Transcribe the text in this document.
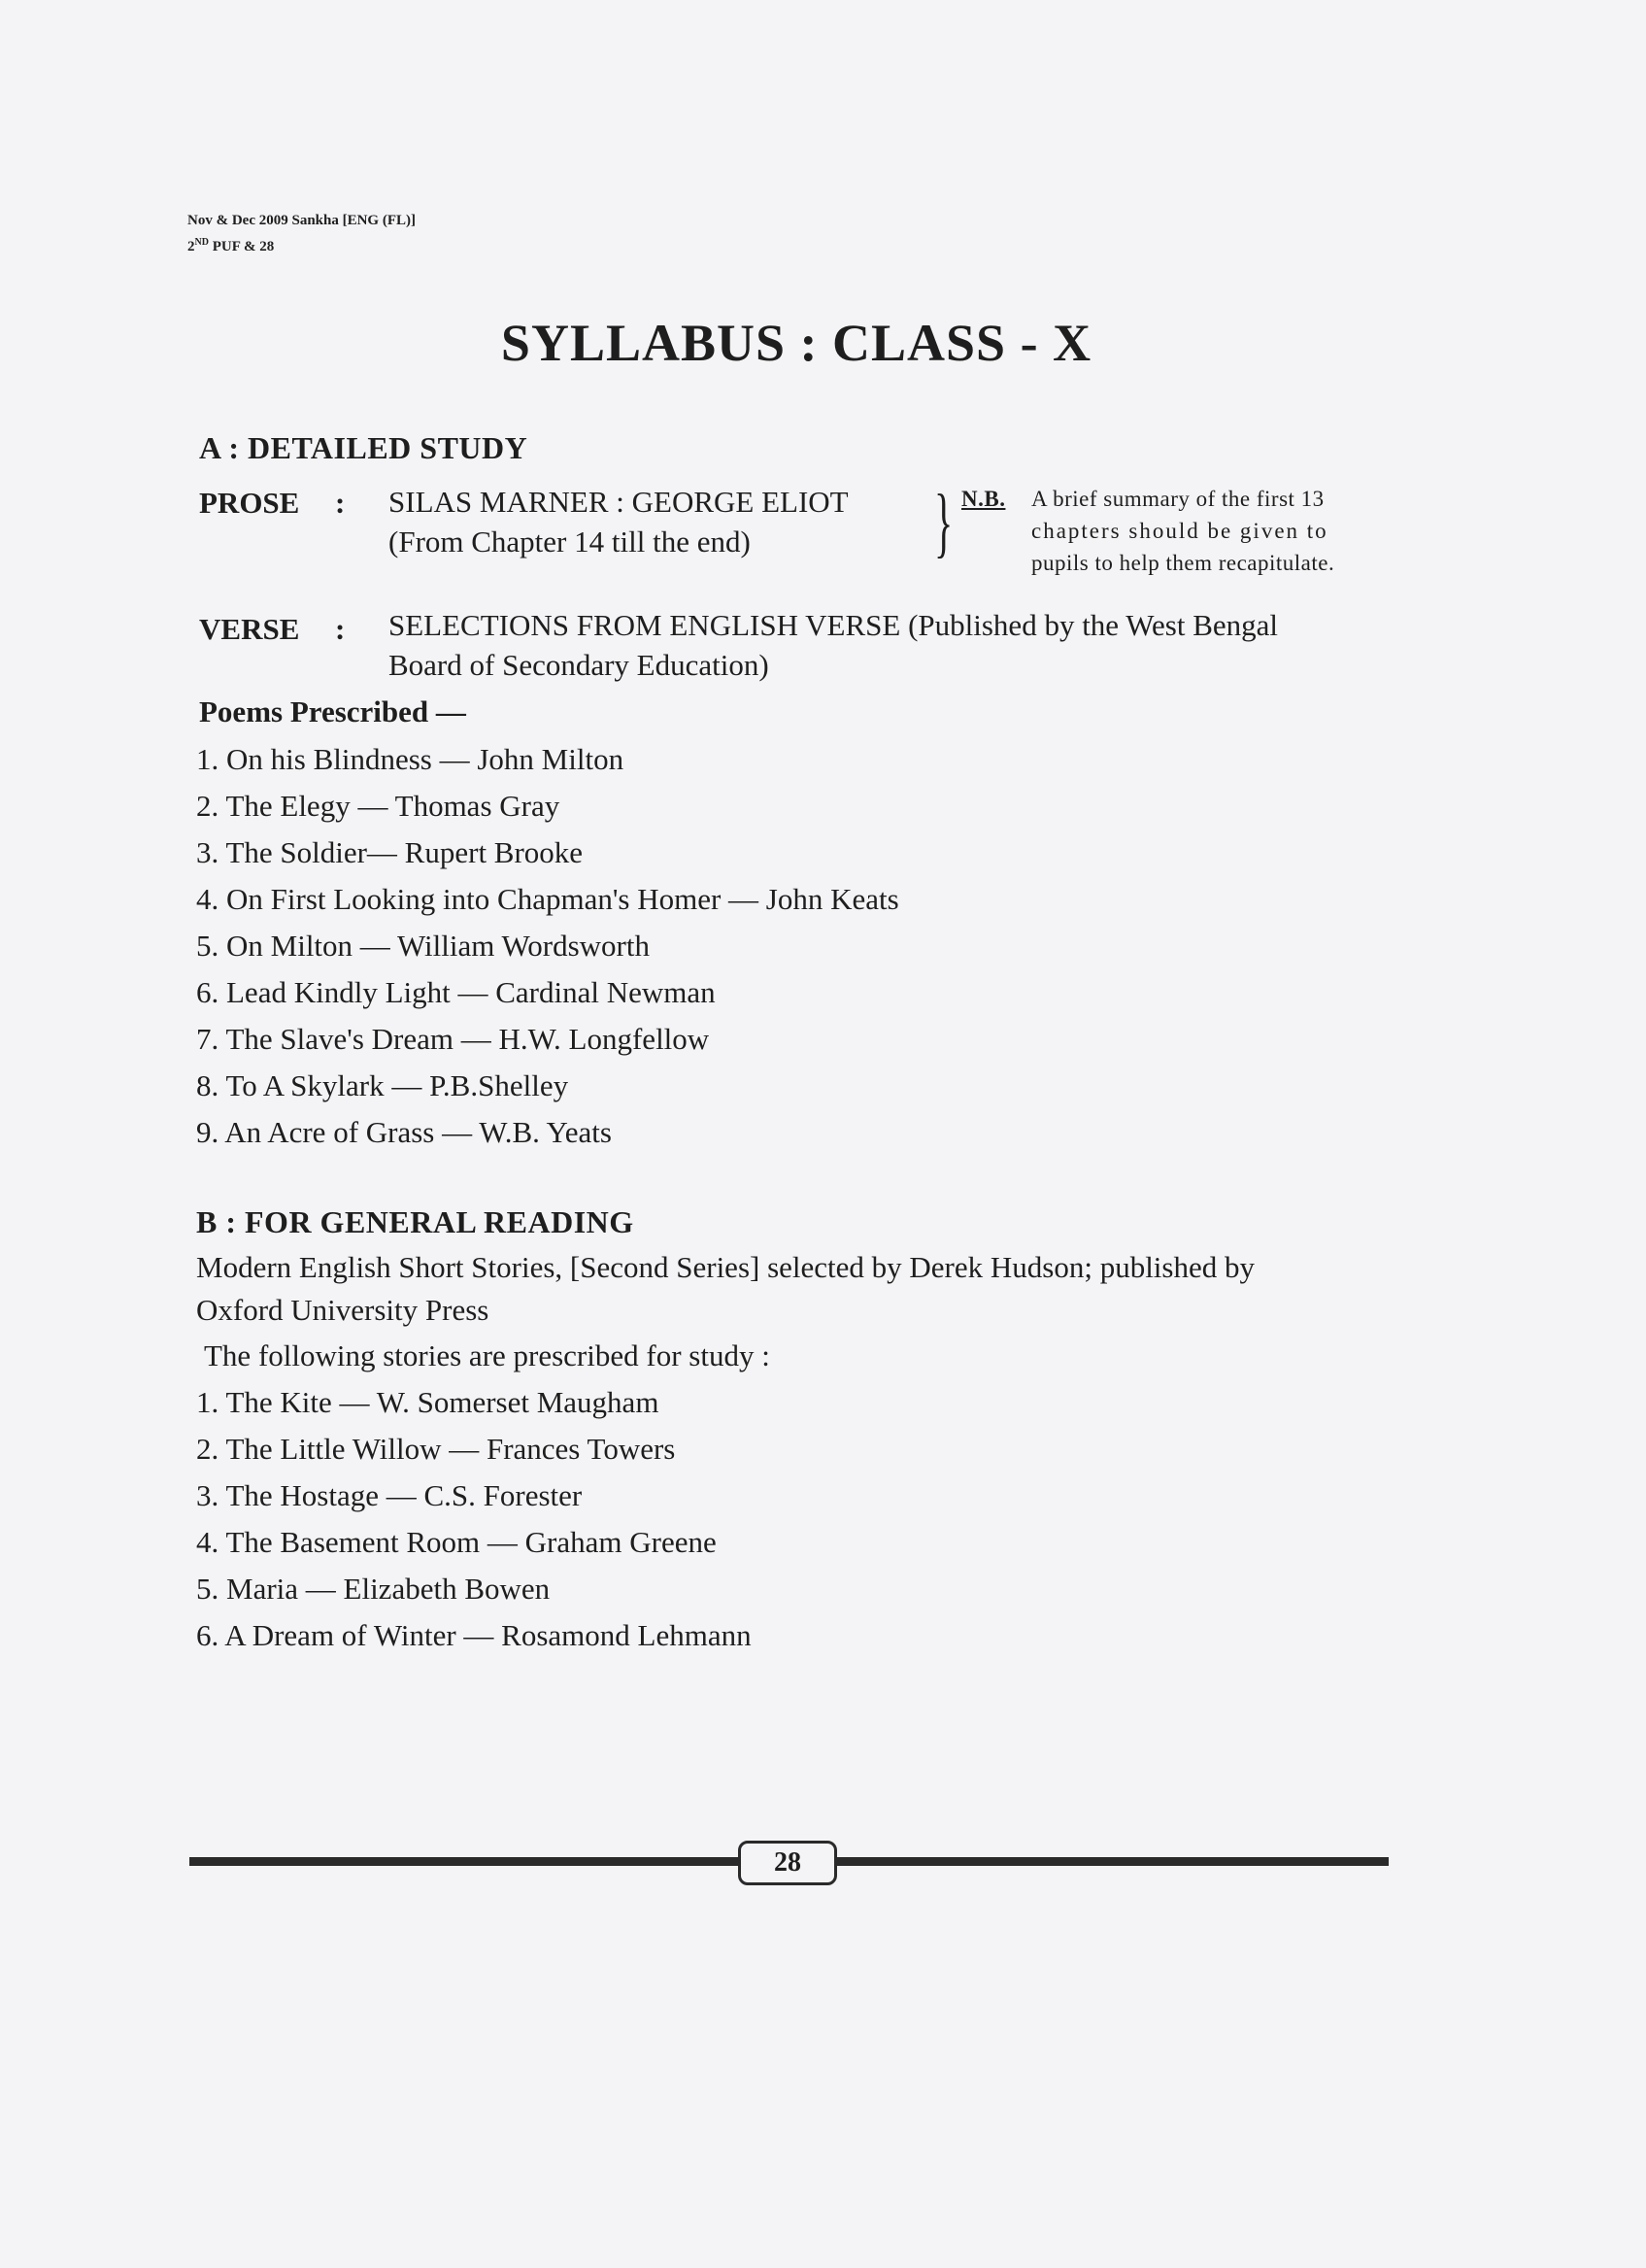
Nov & Dec 2009 Sankha [ENG (FL)]
2ND PUF & 28
SYLLABUS : CLASS - X
A : DETAILED STUDY
PROSE : SILAS MARNER : GEORGE ELIOT
(From Chapter 14 till the end) } N.B. A brief summary of the first 13
chapters should be given to
pupils to help them recapitulate.
VERSE : SELECTIONS FROM ENGLISH VERSE (Published by the West Bengal
Board of Secondary Education)
Poems Prescribed —
1. On his Blindness — John Milton
2. The Elegy — Thomas Gray
3. The Soldier— Rupert Brooke
4. On First Looking into Chapman's Homer — John Keats
5. On Milton — William Wordsworth
6. Lead Kindly Light — Cardinal Newman
7. The Slave's Dream — H.W. Longfellow
8. To A Skylark — P.B.Shelley
9. An Acre of Grass — W.B. Yeats
B : FOR GENERAL READING
Modern English Short Stories, [Second Series] selected by Derek Hudson; published by
Oxford University Press
The following stories are prescribed for study :
1. The Kite — W. Somerset Maugham
2. The Little Willow — Frances Towers
3. The Hostage — C.S. Forester
4. The Basement Room — Graham Greene
5. Maria — Elizabeth Bowen
6. A Dream of Winter — Rosamond Lehmann
28
